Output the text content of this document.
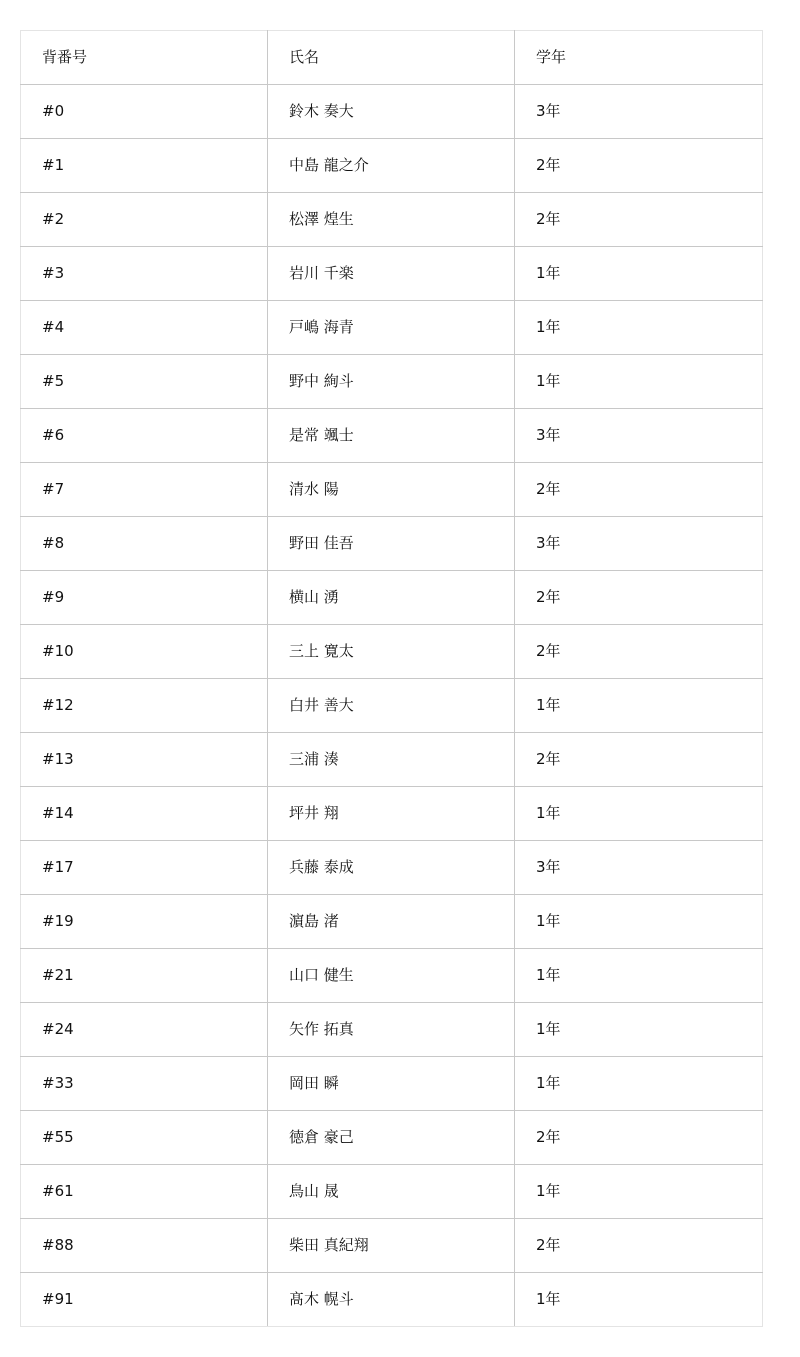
背番号	氏名	学年
#0	鈴木 奏大	3年
#1	中島 龍之介	2年
#2	松澤 煌生	2年
#3	岩川 千楽	1年
#4	戸嶋 海青	1年
#5	野中 絢斗	1年
#6	是常 颯士	3年
#7	清水 陽	2年
#8	野田 佳吾	3年
#9	横山 湧	2年
#10	三上 寛太	2年
#12	白井 善大	1年
#13	三浦 湊	2年
#14	坪井 翔	1年
#17	兵藤 泰成	3年
#19	濵島 渚	1年
#21	山口 健生	1年
#24	矢作 拓真	1年
#33	岡田 瞬	1年
#55	徳倉 豪己	2年
#61	鳥山 晟	1年
#88	柴田 真紀翔	2年
#91	髙木 幌斗	1年
